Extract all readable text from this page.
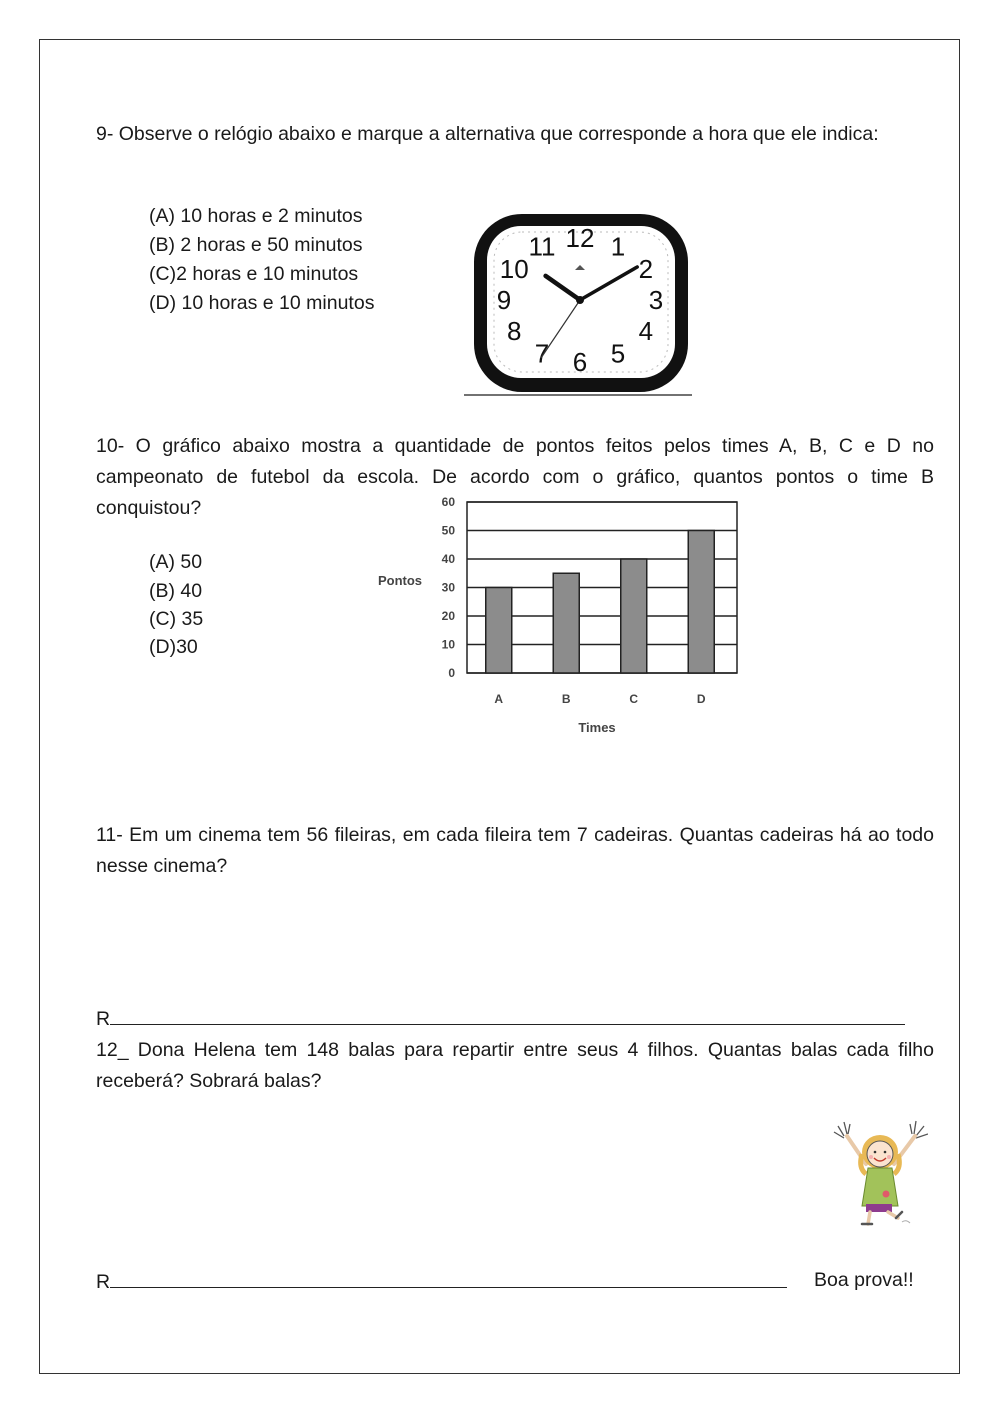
9- Observe o relógio abaixo e marque a alternativa que corresponde a hora que ele indica:
(A) 10 horas e 2 minutos
(B) 2 horas e 50 minutos
(C)2 horas e 10 minutos
(D) 10 horas e 10 minutos
12 1
2
3
4
5
6
7
8
9
10
11
10- O gráfico abaixo mostra a quantidade de pontos feitos pelos times A, B, C e D no campeonato de futebol da escola. De acordo com o gráfico, quantos pontos o time B conquistou?
(A) 50
(B) 40
(C) 35
(D)30
0
10
20
30
40
50
60
A	B	C	D
Pontos
Times
11- Em um cinema tem 56 fileiras, em cada fileira tem 7 cadeiras. Quantas cadeiras há ao todo nesse cinema?
R
12_ Dona Helena tem 148 balas para repartir entre seus 4 filhos. Quantas balas cada filho receberá? Sobrará balas?
R	Boa prova!!
